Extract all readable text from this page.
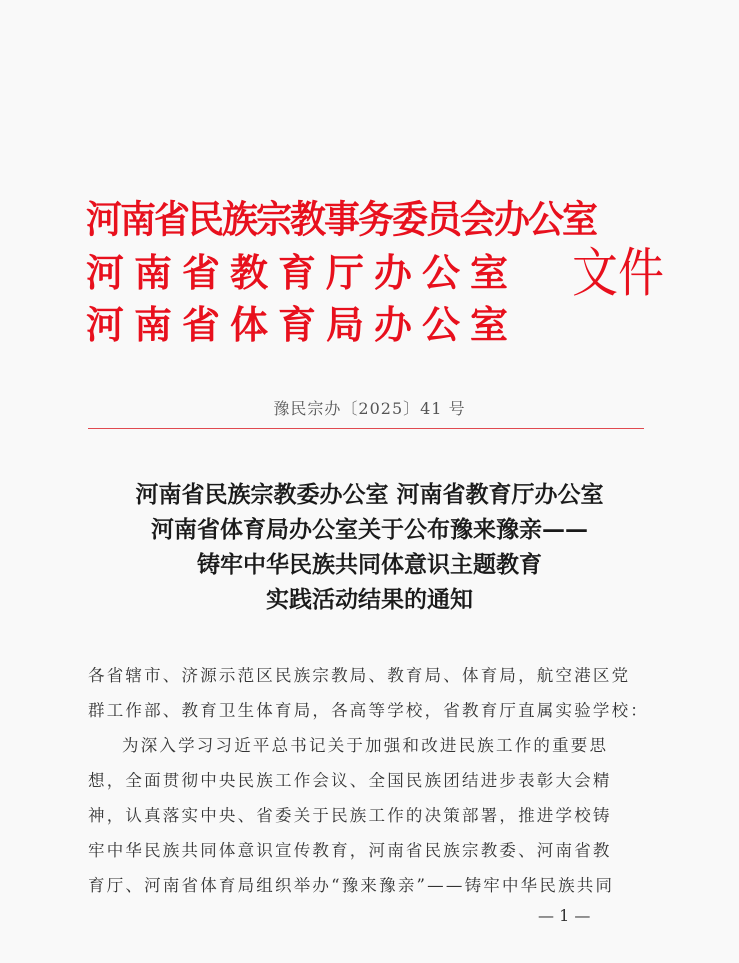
河南省民族宗教事务委员会办公室
河南省教育厅办公室
河南省体育局办公室
文件
豫民宗办〔2025〕41 号
河南省民族宗教委办公室 河南省教育厅办公室
河南省体育局办公室关于公布豫来豫亲——
铸牢中华民族共同体意识主题教育
实践活动结果的通知
各省辖市、济源示范区民族宗教局、教育局、体育局，航空港区党
群工作部、教育卫生体育局，各高等学校，省教育厅直属实验学校：
为深入学习习近平总书记关于加强和改进民族工作的重要思
想，全面贯彻中央民族工作会议、全国民族团结进步表彰大会精
神，认真落实中央、省委关于民族工作的决策部署，推进学校铸
牢中华民族共同体意识宣传教育，河南省民族宗教委、河南省教
育厅、河南省体育局组织举办“豫来豫亲”——铸牢中华民族共同
— 1 —
